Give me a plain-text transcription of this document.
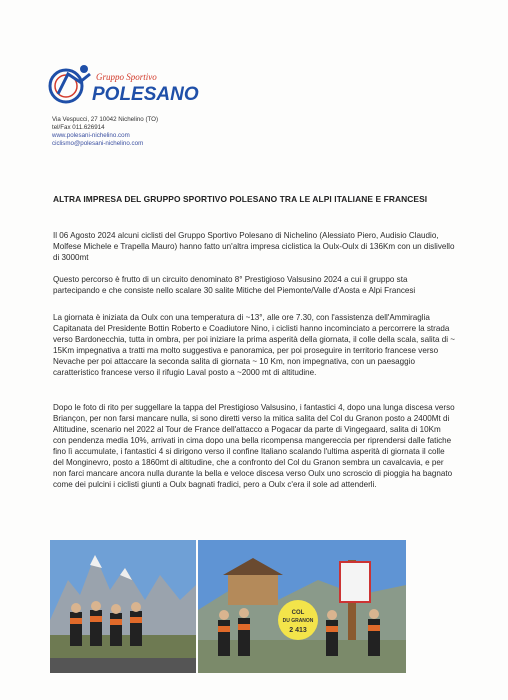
Gruppo Sportivo
POLESANO
Via Vespucci, 27 10042 Nichelino (TO)
tel/Fax 011.626914
www.polesani-nichelino.com
ciclismo@polesani-nichelino.com
ALTRA IMPRESA DEL GRUPPO SPORTIVO POLESANO TRA LE ALPI ITALIANE E FRANCESI
Il 06 Agosto 2024 alcuni ciclisti del Gruppo Sportivo Polesano di Nichelino (Alessiato Piero, Audisio Claudio, Molfese Michele e Trapella Mauro) hanno fatto un'altra impresa ciclistica la Oulx-Oulx di 136Km con un dislivello di 3000mt
Questo percorso è frutto di un circuito denominato 8° Prestigioso Valsusino 2024 a cui il gruppo sta partecipando e che consiste nello scalare 30 salite Mitiche del Piemonte/Valle d'Aosta e Alpi Francesi
La giornata è iniziata da Oulx con una temperatura di ~13°, alle ore 7.30, con l'assistenza dell'Ammiraglia Capitanata del Presidente Bottin Roberto e Coadiutore Nino, i ciclisti hanno incominciato a percorrere la strada verso Bardonecchia, tutta in ombra, per poi iniziare la prima asperità della giornata, il colle della scala, salita di ~ 15Km impegnativa a tratti ma molto suggestiva e panoramica, per poi proseguire in territorio francese verso Nevache per poi attaccare la seconda salita di giornata ~ 10 Km, non impegnativa, con un paesaggio caratteristico francese verso il rifugio Laval posto a ~2000 mt di altitudine.
Dopo le foto di rito per suggellare la tappa del Prestigioso Valsusino, i fantastici 4, dopo una lunga discesa verso Briançon, per non farsi mancare nulla, si sono diretti verso la mitica salita del Col du Granon posto a 2400Mt di Altitudine, scenario nel 2022 al Tour de France dell'attacco a Pogacar da parte di Vingegaard, salita di 10Km con pendenza media 10%, arrivati in cima dopo una bella ricompensa mangereccia per riprendersi dalle fatiche fino lì accumulate, i fantastici 4 si dirigono verso il confine Italiano scalando l'ultima asperità di giornata il colle del Monginevro, posto a 1860mt di altitudine, che a confronto del Col du Granon sembra un cavalcavia, e per non farci mancare ancora nulla durante la bella e veloce discesa verso Oulx uno scroscio di pioggia ha bagnato come dei pulcini i ciclisti giunti a Oulx bagnati fradici, pero a Oulx c'era il sole ad attenderli.
COL
DU GRANON
2 413
